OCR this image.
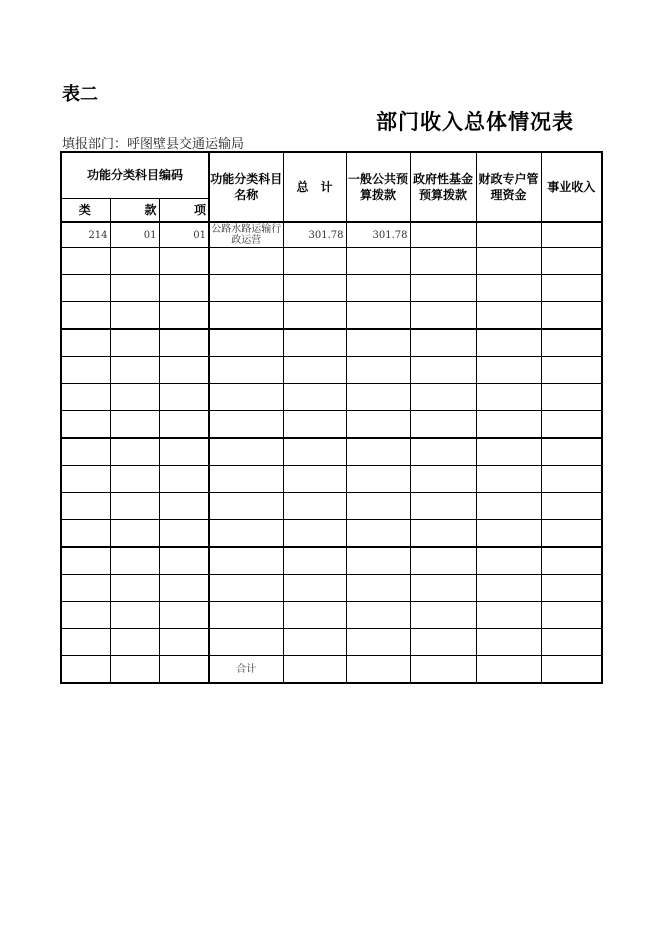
表二
部门收入总体情况表
填报部门：呼图壁县交通运输局
功能分类科目编码			功能分类科目名称	总　计	一般公共预算拨款	政府性基金预算拨款	财政专户管理资金	事业收入
类	款	项						
214	01	01	公路水路运输行政运营	301.78	301.78			

			合计					
